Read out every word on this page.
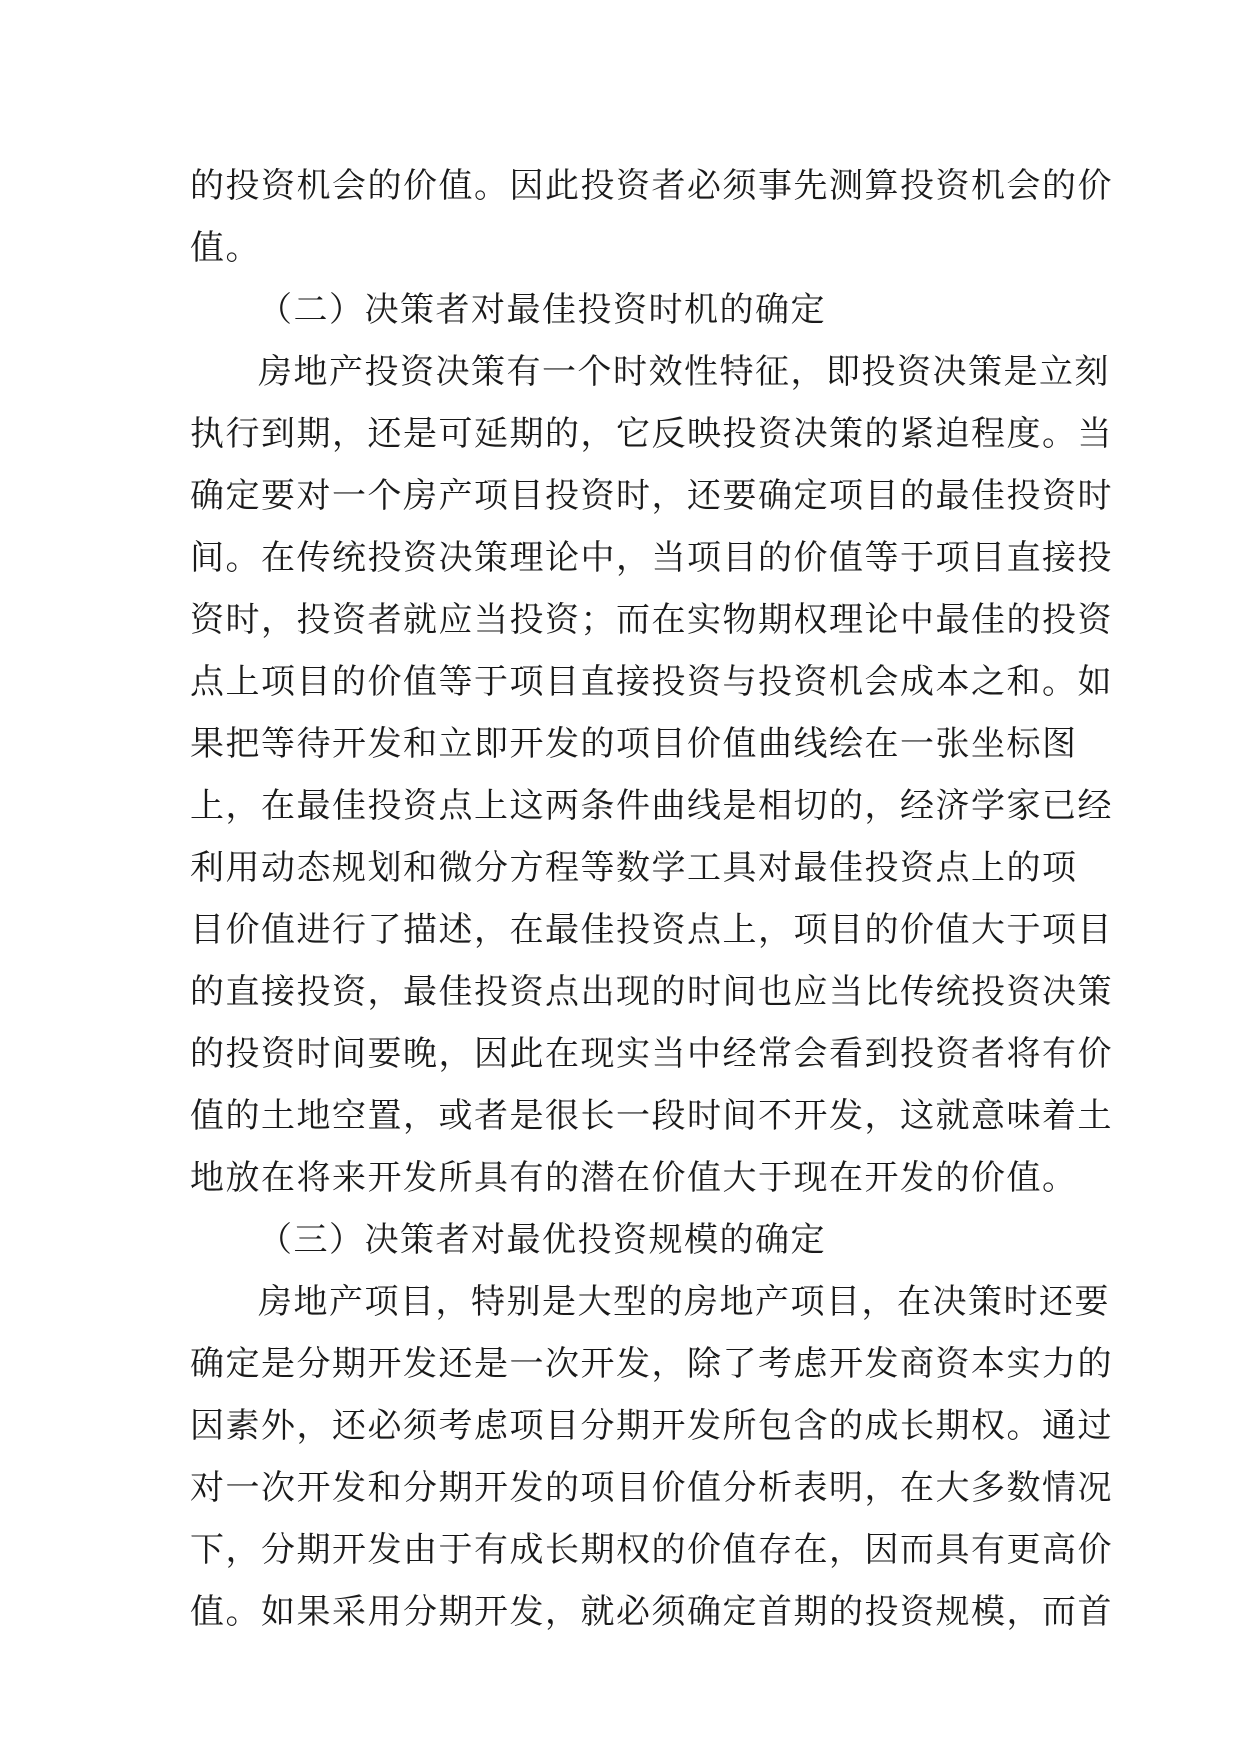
的投资机会的价值。因此投资者必须事先测算投资机会的价
值。
（二）决策者对最佳投资时机的确定
房地产投资决策有一个时效性特征，即投资决策是立刻
执行到期，还是可延期的，它反映投资决策的紧迫程度。当
确定要对一个房产项目投资时，还要确定项目的最佳投资时
间。在传统投资决策理论中，当项目的价值等于项目直接投
资时，投资者就应当投资；而在实物期权理论中最佳的投资
点上项目的价值等于项目直接投资与投资机会成本之和。如
果把等待开发和立即开发的项目价值曲线绘在一张坐标图
上，在最佳投资点上这两条件曲线是相切的，经济学家已经
利用动态规划和微分方程等数学工具对最佳投资点上的项
目价值进行了描述，在最佳投资点上，项目的价值大于项目
的直接投资，最佳投资点出现的时间也应当比传统投资决策
的投资时间要晚，因此在现实当中经常会看到投资者将有价
值的土地空置，或者是很长一段时间不开发，这就意味着土
地放在将来开发所具有的潜在价值大于现在开发的价值。
（三）决策者对最优投资规模的确定
房地产项目，特别是大型的房地产项目，在决策时还要
确定是分期开发还是一次开发，除了考虑开发商资本实力的
因素外，还必须考虑项目分期开发所包含的成长期权。通过
对一次开发和分期开发的项目价值分析表明，在大多数情况
下，分期开发由于有成长期权的价值存在，因而具有更高价
值。如果采用分期开发，就必须确定首期的投资规模，而首
